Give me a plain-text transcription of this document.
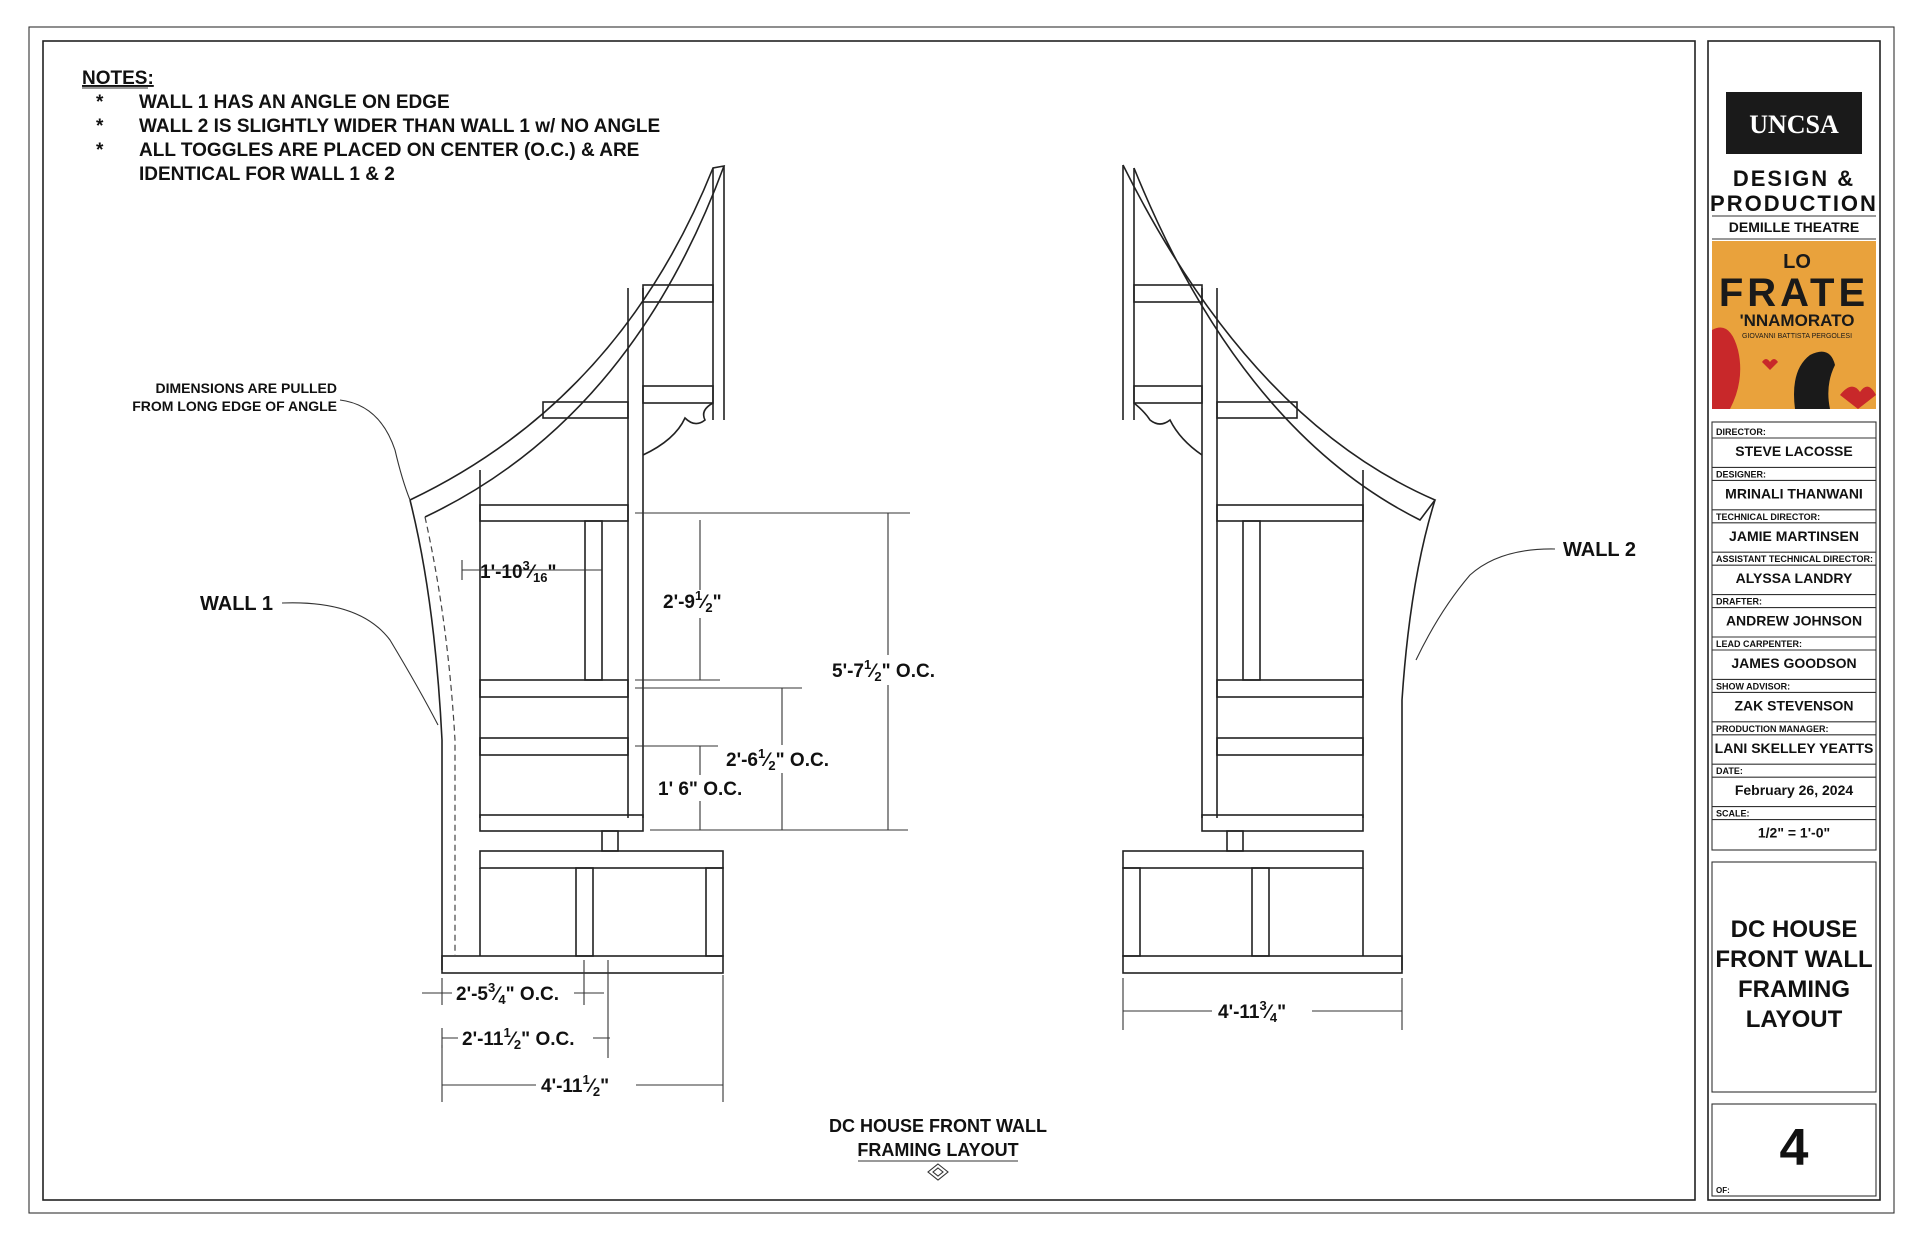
NOTES:
* WALL 1 HAS AN ANGLE ON EDGE
* WALL 2 IS SLIGHTLY WIDER THAN WALL 1 w/ NO ANGLE
* ALL TOGGLES ARE PLACED ON CENTER (O.C.) & ARE
IDENTICAL FOR WALL 1 & 2
$1'-10^3⁄_{16}$"
$2'-9^1⁄_2$"
$5'-7^1⁄_2$" O.C.
$2'-6^1⁄_2$" O.C.
1' 6" O.C.
$2'-5^3⁄_4$" O.C.
$2'-11^1⁄_2$" O.C.
$4'-11^1⁄_2$"
DIMENSIONS ARE PULLED
FROM LONG EDGE OF ANGLE
WALL 1
$4'-11^3⁄_4$"
WALL 2
DC HOUSE FRONT WALL
FRAMING LAYOUT
UNCSA
DESIGN &
PRODUCTION
DEMILLE THEATRE
LO
FRATE
'NNAMORATO
GIOVANNI BATTISTA PERGOLESI
DIRECTOR:
STEVE LACOSSE
DESIGNER:
MRINALI THANWANI
TECHNICAL DIRECTOR:
JAMIE MARTINSEN
ASSISTANT TECHNICAL DIRECTOR:
ALYSSA LANDRY
DRAFTER:
ANDREW JOHNSON
LEAD CARPENTER:
JAMES GOODSON
SHOW ADVISOR:
ZAK STEVENSON
PRODUCTION MANAGER:
LANI SKELLEY YEATTS
DATE:
February 26, 2024
SCALE:
1/2" = 1'-0"
DC HOUSE
FRONT WALL
FRAMING
LAYOUT
4
OF:
